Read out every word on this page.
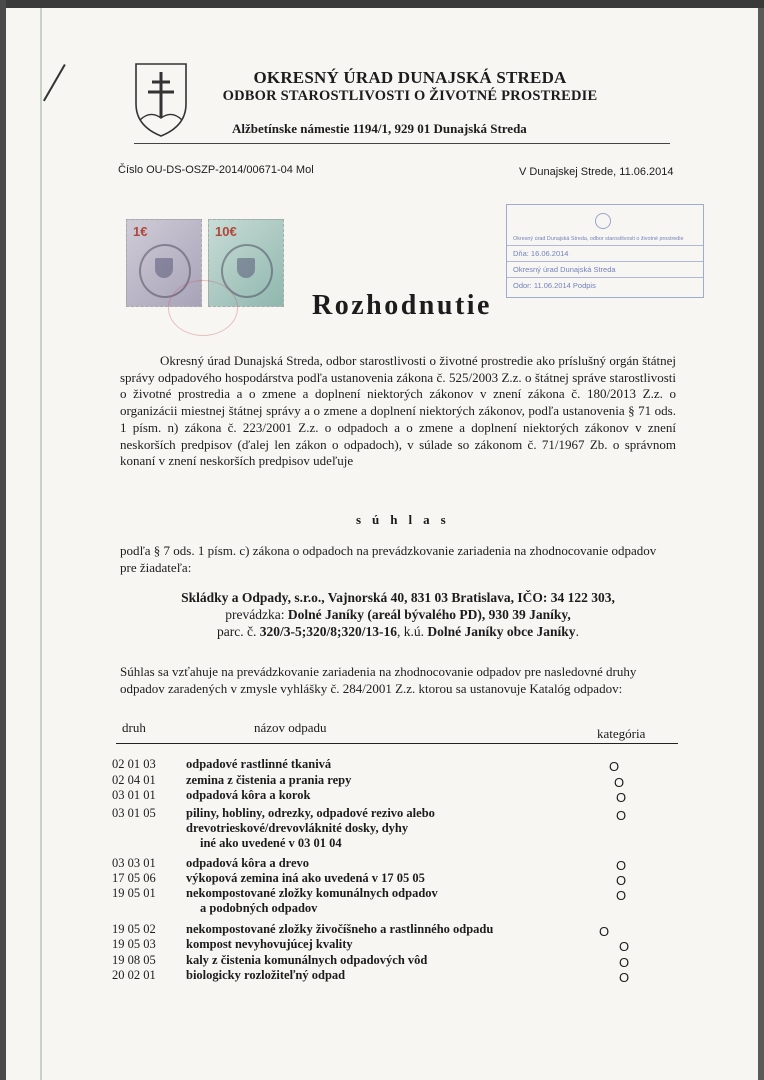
OKRESNÝ ÚRAD DUNAJSKÁ STREDA
ODBOR STAROSTLIVOSTI O ŽIVOTNÉ PROSTREDIE
Alžbetínske námestie 1194/1, 929 01 Dunajská Streda
Číslo OU-DS-OSZP-2014/00671-04 Mol	V Dunajskej Strede, 11.06.2014
1€	10€	Okresný úrad Dunajská Streda, odbor starostlivosti o životné prostredie
Dňa: 16.06.2014
Okresný úrad Dunajská Streda
Odor: 11.06.2014 Podpis
Rozhodnutie
Okresný úrad Dunajská Streda, odbor starostlivosti o životné prostredie ako príslušný orgán štátnej správy odpadového hospodárstva podľa ustanovenia zákona č. 525/2003 Z.z. o štátnej správe starostlivosti o životné prostredia a o zmene a doplnení niektorých zákonov v znení zákona č. 180/2013 Z.z. o organizácii miestnej štátnej správy a o zmene a doplnení niektorých zákonov, podľa ustanovenia § 71 ods. 1 písm. n) zákona č. 223/2001 Z.z. o odpadoch a o zmene a doplnení niektorých zákonov v znení neskorších predpisov (ďalej len zákon o odpadoch), v súlade so zákonom č. 71/1967 Zb. o správnom konaní v znení neskorších predpisov udeľuje
súhlas
podľa § 7 ods. 1 písm. c) zákona o odpadoch na prevádzkovanie zariadenia na zhodnocovanie odpadov pre žiadateľa:
Skládky a Odpady, s.r.o., Vajnorská 40, 831 03 Bratislava, IČO: 34 122 303,
prevádzka: Dolné Janíky (areál bývalého PD), 930 39 Janíky,
parc. č. 320/3-5;320/8;320/13-16, k.ú. Dolné Janíky obce Janíky.
Súhlas sa vzťahuje na prevádzkovanie zariadenia na zhodnocovanie odpadov pre nasledovné druhy odpadov zaradených v zmysle vyhlášky č. 284/2001 Z.z. ktorou sa ustanovuje Katalóg odpadov:
druh	názov odpadu	kategória
02 01 03 odpadové rastlinné tkanivá	O
02 04 01 zemina z čistenia a prania repy	O
03 01 01 odpadová kôra a korok	O
03 01 05 piliny, hobliny, odrezky, odpadové rezivo alebo
drevotrieskové/drevovláknité dosky, dyhy
iné ako uvedené v 03 01 04
O
03 03 01 odpadová kôra a drevo	O
17 05 06 výkopová zemina iná ako uvedená v 17 05 05	O
19 05 01 nekompostované zložky komunálnych odpadov
a podobných odpadov
O
19 05 02 nekompostované zložky živočíšneho a rastlinného odpadu	O
19 05 03 kompost nevyhovujúcej kvality	O
19 08 05 kaly z čistenia komunálnych odpadových vôd	O
20 02 01 biologicky rozložiteľný odpad	O
